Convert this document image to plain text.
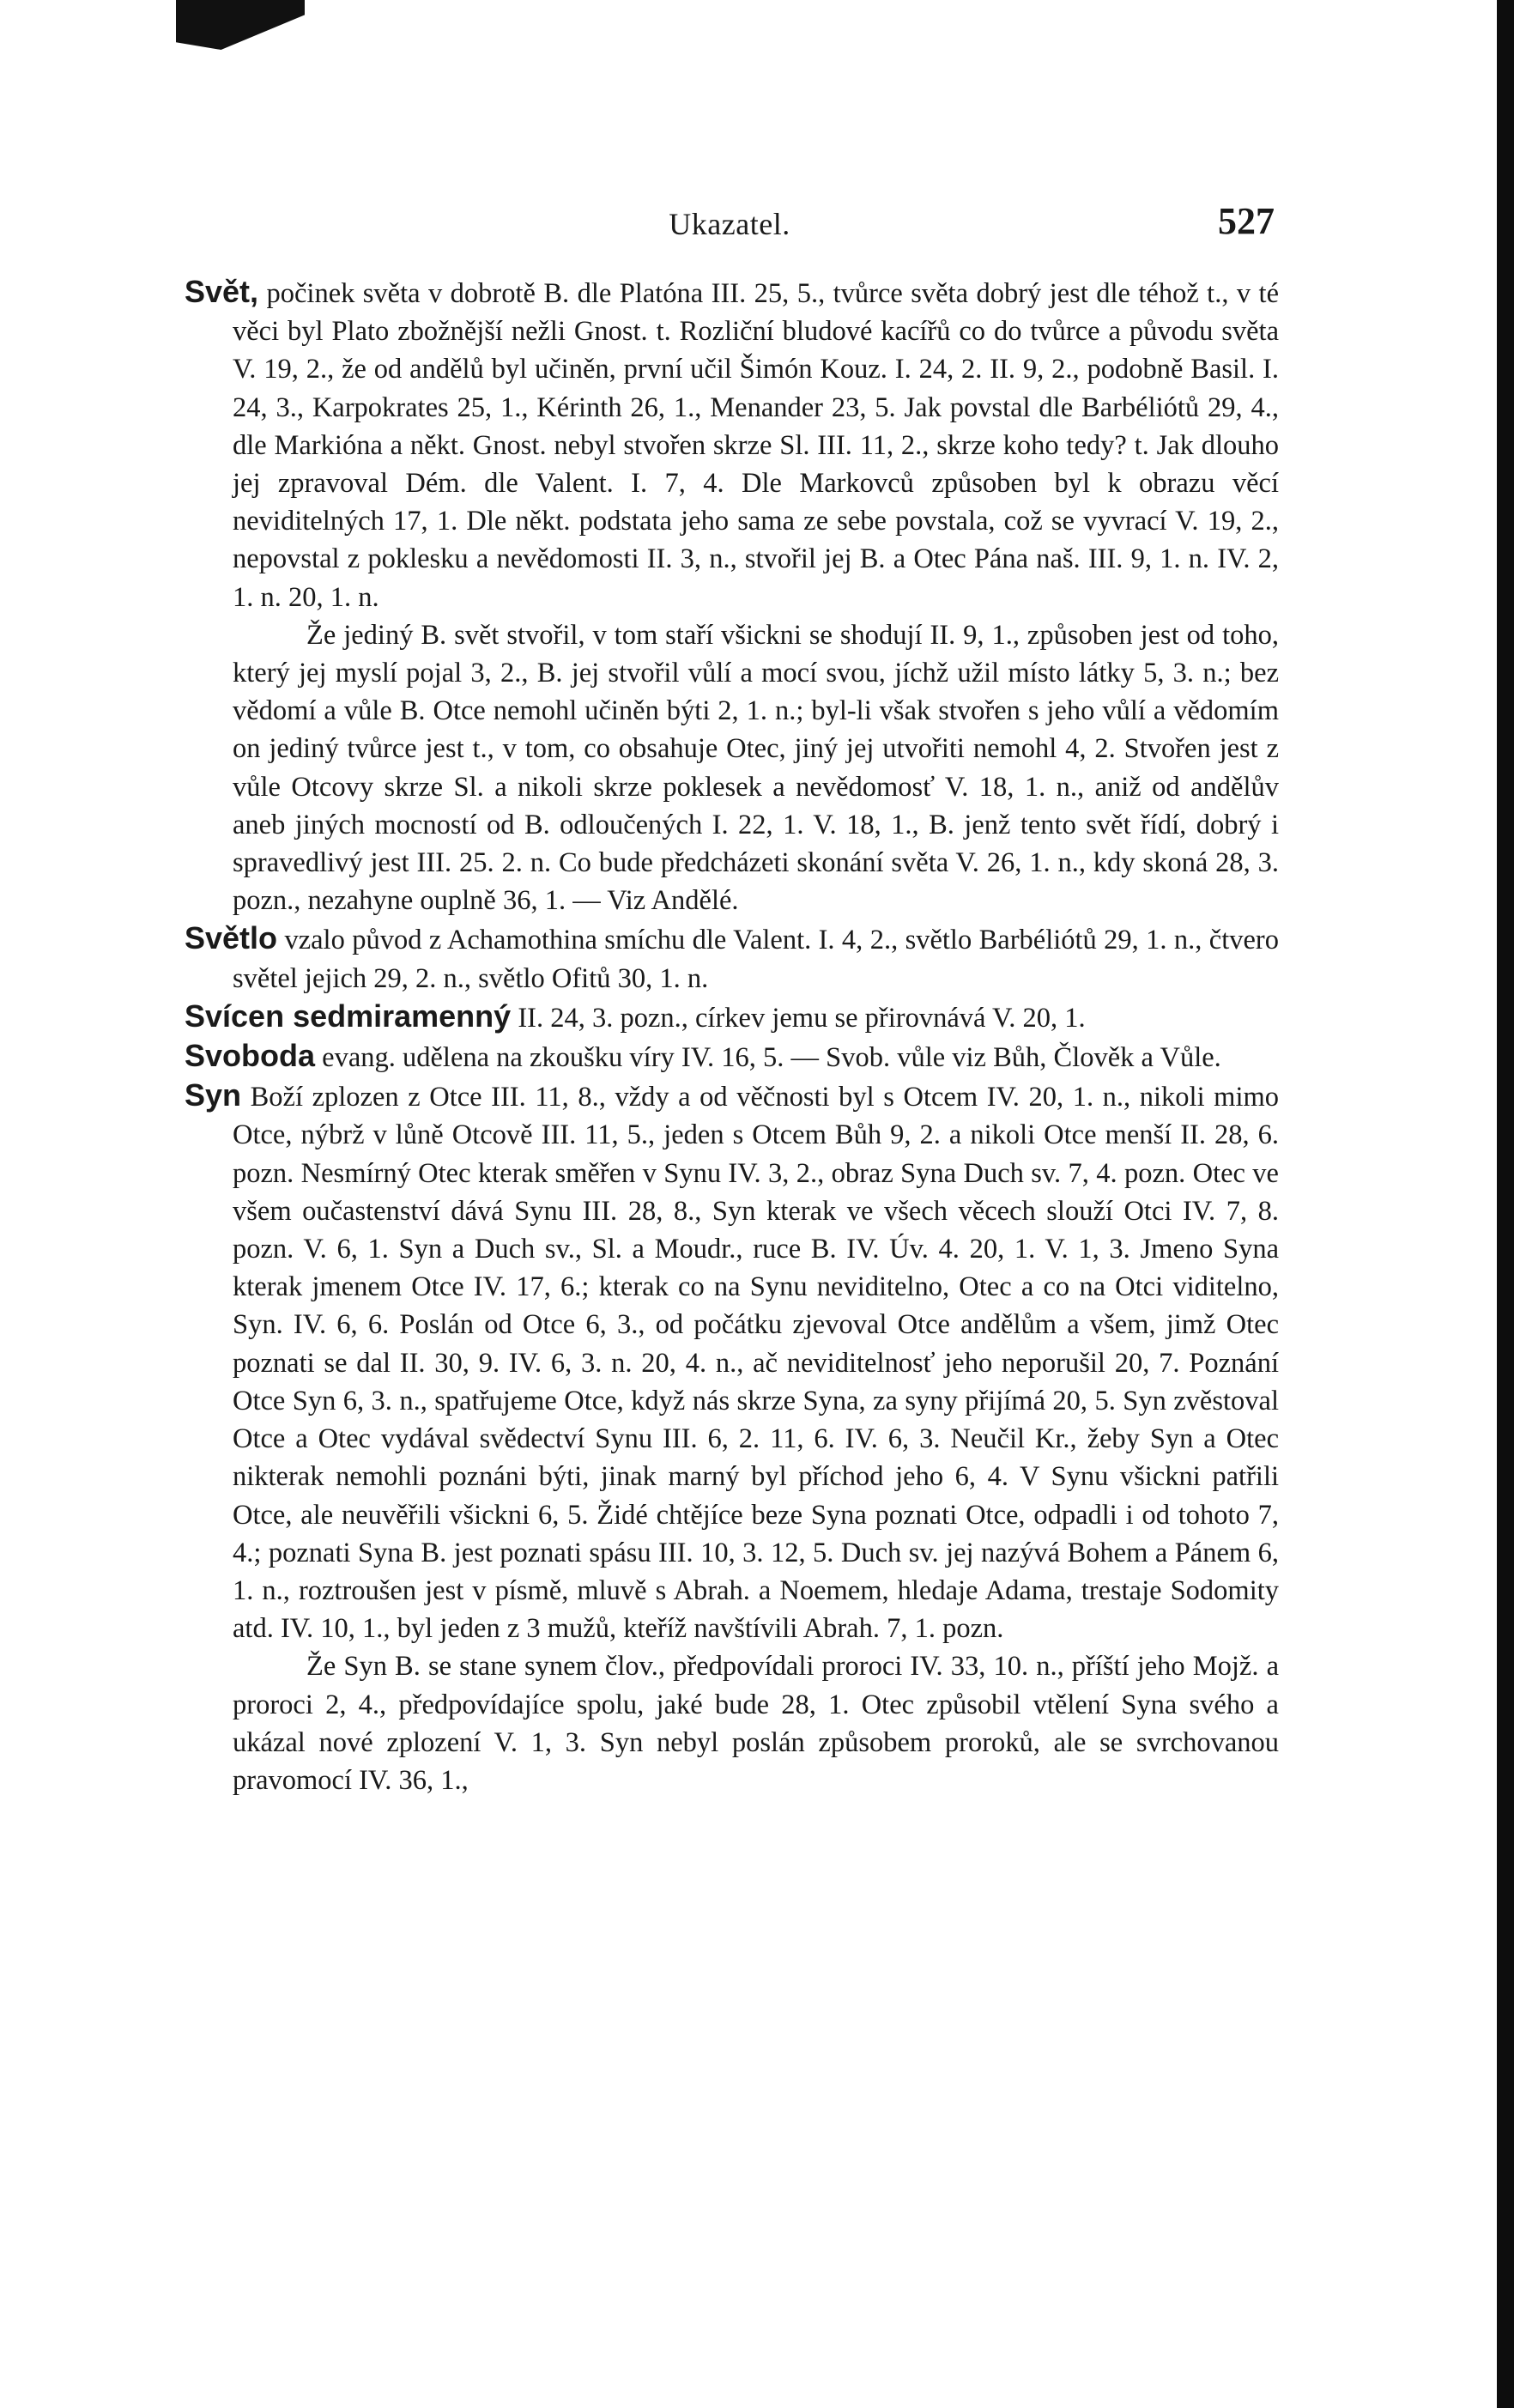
Ukazatel.	527

Svět, počinek světa v dobrotě B. dle Platóna III. 25, 5., tvůrce světa dobrý jest dle téhož t., v té věci byl Plato zbožnější nežli Gnost. t. Rozliční bludové kacířů co do tvůrce a původu světa V. 19, 2., že od andělů byl učiněn, první učil Šimón Kouz. I. 24, 2. II. 9, 2., podobně Basil. I. 24, 3., Karpokrates 25, 1., Kérinth 26, 1., Menander 23, 5. Jak povstal dle Barbéliótů 29, 4., dle Markióna a někt. Gnost. nebyl stvořen skrze Sl. III. 11, 2., skrze koho tedy? t. Jak dlouho jej zpravoval Dém. dle Valent. I. 7, 4. Dle Markovců způsoben byl k obrazu věcí neviditelných 17, 1. Dle někt. podstata jeho sama ze sebe povstala, což se vyvrací V. 19, 2., nepovstal z poklesku a nevědomosti II. 3, n., stvořil jej B. a Otec Pána naš. III. 9, 1. n. IV. 2, 1. n. 20, 1. n.

Že jediný B. svět stvořil, v tom staří všickni se shodují II. 9, 1., způsoben jest od toho, který jej myslí pojal 3, 2., B. jej stvořil vůlí a mocí svou, jíchž užil místo látky 5, 3. n.; bez vědomí a vůle B. Otce nemohl učiněn býti 2, 1. n.; byl-li však stvořen s jeho vůlí a vědomím on jediný tvůrce jest t., v tom, co obsahuje Otec, jiný jej utvořiti nemohl 4, 2. Stvořen jest z vůle Otcovy skrze Sl. a nikoli skrze poklesek a nevědomosť V. 18, 1. n., aniž od andělův aneb jiných mocností od B. odloučených I. 22, 1. V. 18, 1., B. jenž tento svět řídí, dobrý i spravedlivý jest III. 25. 2. n. Co bude předcházeti skonání světa V. 26, 1. n., kdy skoná 28, 3. pozn., nezahyne ouplně 36, 1. — Viz Andělé.

Světlo vzalo původ z Achamothina smíchu dle Valent. I. 4, 2., světlo Barbéliótů 29, 1. n., čtvero světel jejich 29, 2. n., světlo Ofitů 30, 1. n.

Svícen sedmiramenný II. 24, 3. pozn., církev jemu se přirovnává V. 20, 1.

Svoboda evang. udělena na zkoušku víry IV. 16, 5. — Svob. vůle viz Bůh, Člověk a Vůle.

Syn Boží zplozen z Otce III. 11, 8., vždy a od věčnosti byl s Otcem IV. 20, 1. n., nikoli mimo Otce, nýbrž v lůně Otcově III. 11, 5., jeden s Otcem Bůh 9, 2. a nikoli Otce menší II. 28, 6. pozn. Nesmírný Otec kterak směřen v Synu IV. 3, 2., obraz Syna Duch sv. 7, 4. pozn. Otec ve všem oučastenství dává Synu III. 28, 8., Syn kterak ve všech věcech slouží Otci IV. 7, 8. pozn. V. 6, 1. Syn a Duch sv., Sl. a Moudr., ruce B. IV. Úv. 4. 20, 1. V. 1, 3. Jmeno Syna kterak jmenem Otce IV. 17, 6.; kterak co na Synu neviditelno, Otec a co na Otci viditelno, Syn. IV. 6, 6. Poslán od Otce 6, 3., od počátku zjevoval Otce andělům a všem, jimž Otec poznati se dal II. 30, 9. IV. 6, 3. n. 20, 4. n., ač neviditelnosť jeho neporušil 20, 7. Poznání Otce Syn 6, 3. n., spatřujeme Otce, když nás skrze Syna, za syny přijímá 20, 5. Syn zvěstoval Otce a Otec vydával svědectví Synu III. 6, 2. 11, 6. IV. 6, 3. Neučil Kr., žeby Syn a Otec nikterak nemohli poznáni býti, jinak marný byl příchod jeho 6, 4. V Synu všickni patřili Otce, ale neuvěřili všickni 6, 5. Židé chtějíce beze Syna poznati Otce, odpadli i od tohoto 7, 4.; poznati Syna B. jest poznati spásu III. 10, 3. 12, 5. Duch sv. jej nazývá Bohem a Pánem 6, 1. n., roztroušen jest v písmě, mluvě s Abrah. a Noemem, hledaje Adama, trestaje Sodomity atd. IV. 10, 1., byl jeden z 3 mužů, kteříž navštívili Abrah. 7, 1. pozn.

Že Syn B. se stane synem člov., předpovídali proroci IV. 33, 10. n., příští jeho Mojž. a proroci 2, 4., předpovídajíce spolu, jaké bude 28, 1. Otec způsobil vtělení Syna svého a ukázal nové zplození V. 1, 3. Syn nebyl poslán způsobem proroků, ale se svrchovanou pravomocí IV. 36, 1.,
